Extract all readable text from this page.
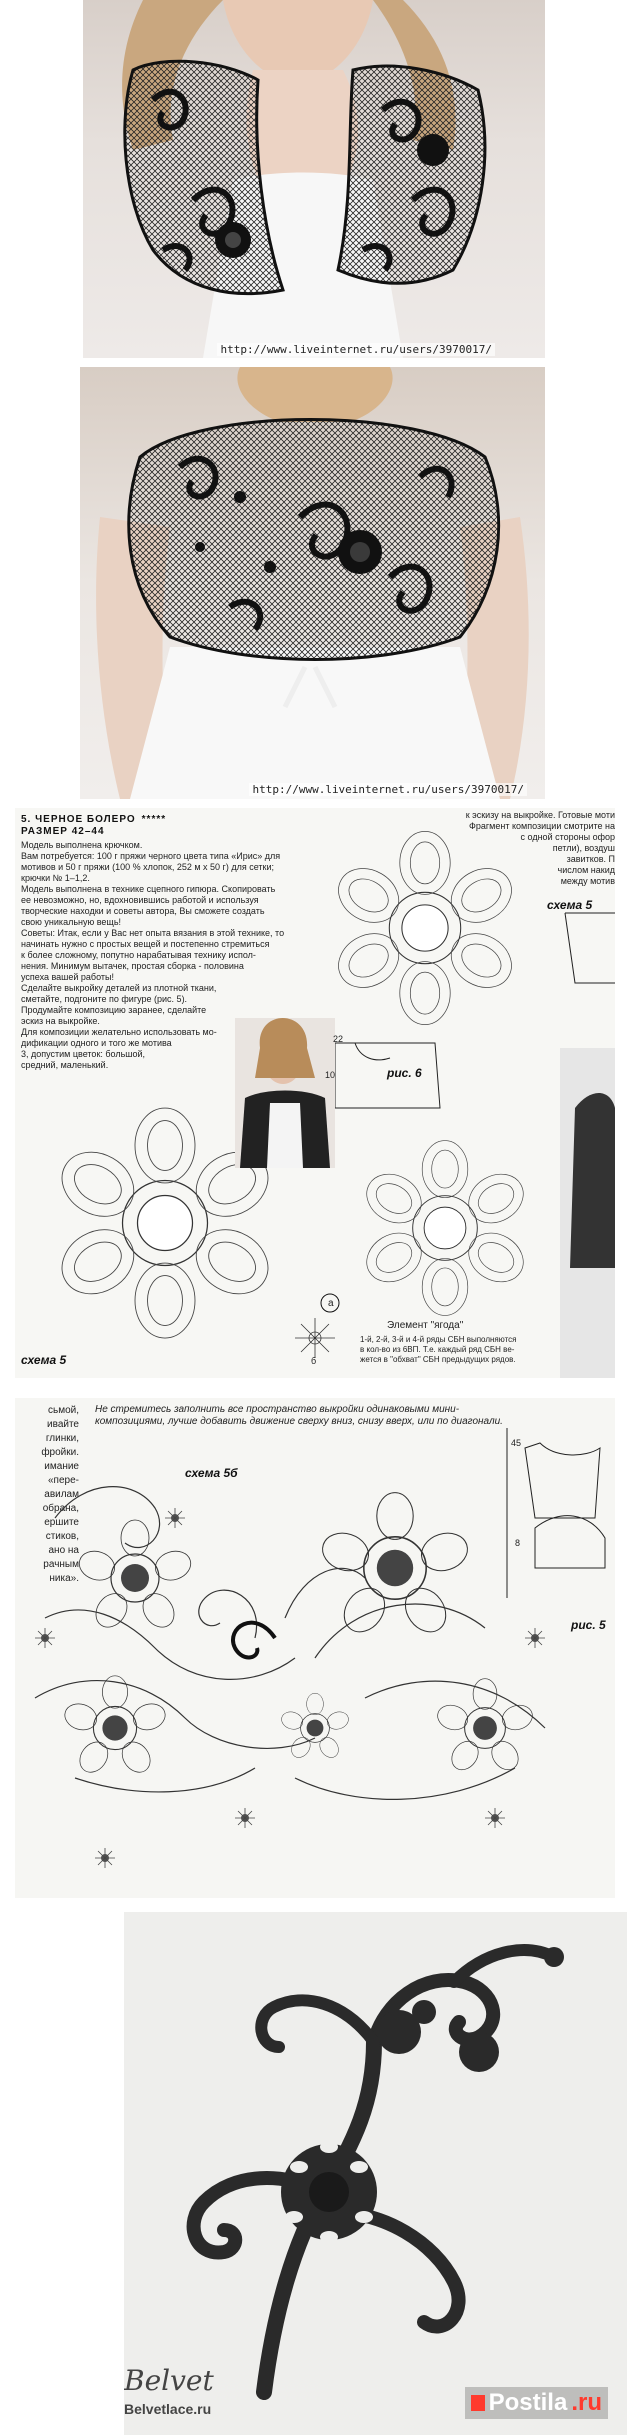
http://www.liveinternet.ru/users/3970017/
http://www.liveinternet.ru/users/3970017/
5. ЧЕРНОЕ БОЛЕРО *****
РАЗМЕР 42–44
Модель выполнена крючком.
Вам потребуется: 100 г пряжи черного цвета типа «Ирис» для
мотивов и 50 г пряжи (100 % хлопок, 252 м х 50 г) для сетки;
крючки № 1–1,2.
Модель выполнена в технике сцепного гипюра. Скопировать
ее невозможно, но, вдохновившись работой и используя
творческие находки и советы автора, Вы сможете создать
свою уникальную вещь!
Советы: Итак, если у Вас нет опыта вязания в этой технике, то
начинать нужно с простых вещей и постепенно стремиться
к более сложному, попутно нарабатывая технику испол-
нения. Минимум вытачек, простая сборка - половина
успеха вашей работы!
Сделайте выкройку деталей из плотной ткани,
сметайте, подгоните по фигуре (рис. 5).
Продумайте композицию заранее, сделайте
эскиз на выкройке.
Для композиции желательно использовать мо-
дификации одного и того же мотива
3, допустим цветок: большой,
средний, маленький.
к эскизу на выкройке. Готовые моти
Фрагмент композиции смотрите на
с одной стороны офор
петли), воздуш
завитков. П
числом накид
между мотив
схема 5
схема 5
рис. 6
22
10
a
б
Элемент "ягода"
1-й, 2-й, 3-й и 4-й ряды СБН выполняются
в кол-во из 6ВП. Т.е. каждый ряд СБН ве-
жется в "обхват" СБН предыдущих рядов.
Не стремитесь заполнить все пространство выкройки одинаковыми мини-
композициями, лучше добавить движение сверху вниз, снизу вверх, или по диагонали.
сьмой,
ивайте
глинки,
фройки.
имание
«пере-
авилам
обрана,
ершите
стиков,
ано на
рачным
ника».
схема 5б
рис. 5
45
8
Belvet
Belvetlace.ru	Postila .ru
